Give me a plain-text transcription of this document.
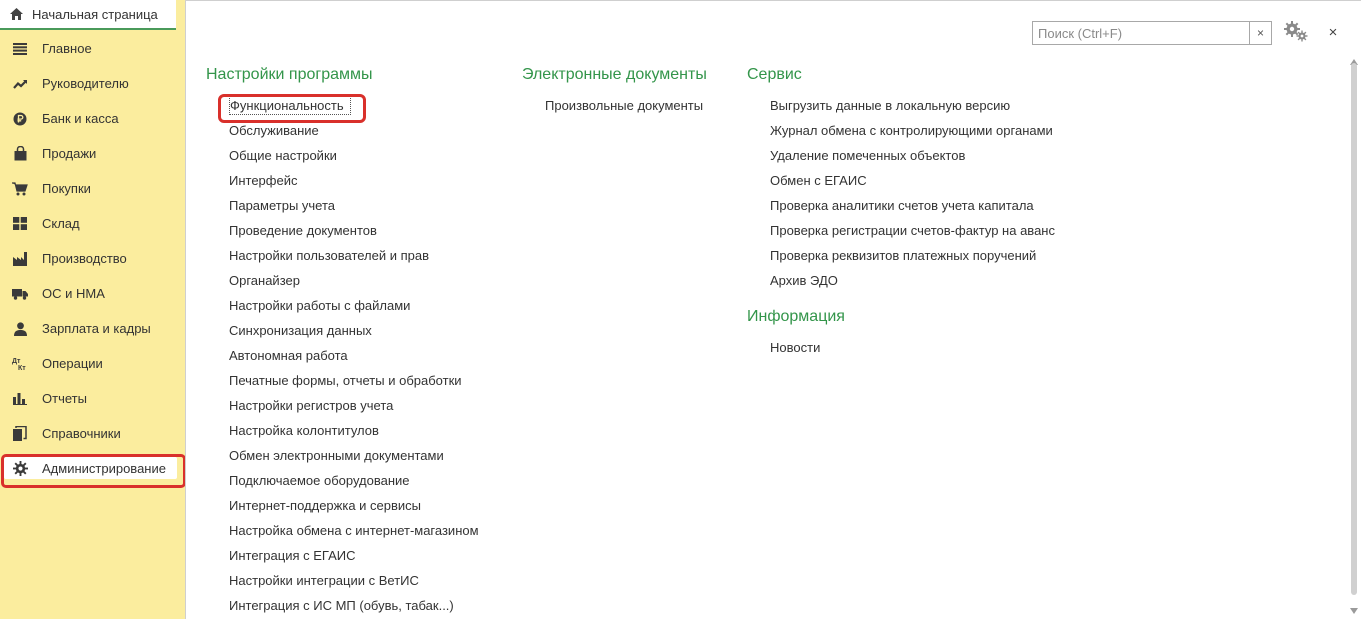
Начальная страница
Главное
Руководителю
Банк и касса
Продажи
Покупки
Склад
Производство
ОС и НМА
Зарплата и кадры
Дт
Кт Операции
Отчеты
Справочники
Администрирование
Поиск (Ctrl+F)
×	×
Настройки программы
Функциональность
Обслуживание
Общие настройки
Интерфейс
Параметры учета
Проведение документов
Настройки пользователей и прав
Органайзер
Настройки работы с файлами
Синхронизация данных
Автономная работа
Печатные формы, отчеты и обработки
Настройки регистров учета
Настройка колонтитулов
Обмен электронными документами
Подключаемое оборудование
Интернет-поддержка и сервисы
Настройка обмена с интернет-магазином
Интеграция с ЕГАИС
Настройки интеграции с ВетИС
Интеграция с ИС МП (обувь, табак...)
Электронные документы
Произвольные документы
Сервис
Выгрузить данные в локальную версию
Журнал обмена с контролирующими органами
Удаление помеченных объектов
Обмен с ЕГАИС
Проверка аналитики счетов учета капитала
Проверка регистрации счетов-фактур на аванс
Проверка реквизитов платежных поручений
Архив ЭДО
Информация
Новости
